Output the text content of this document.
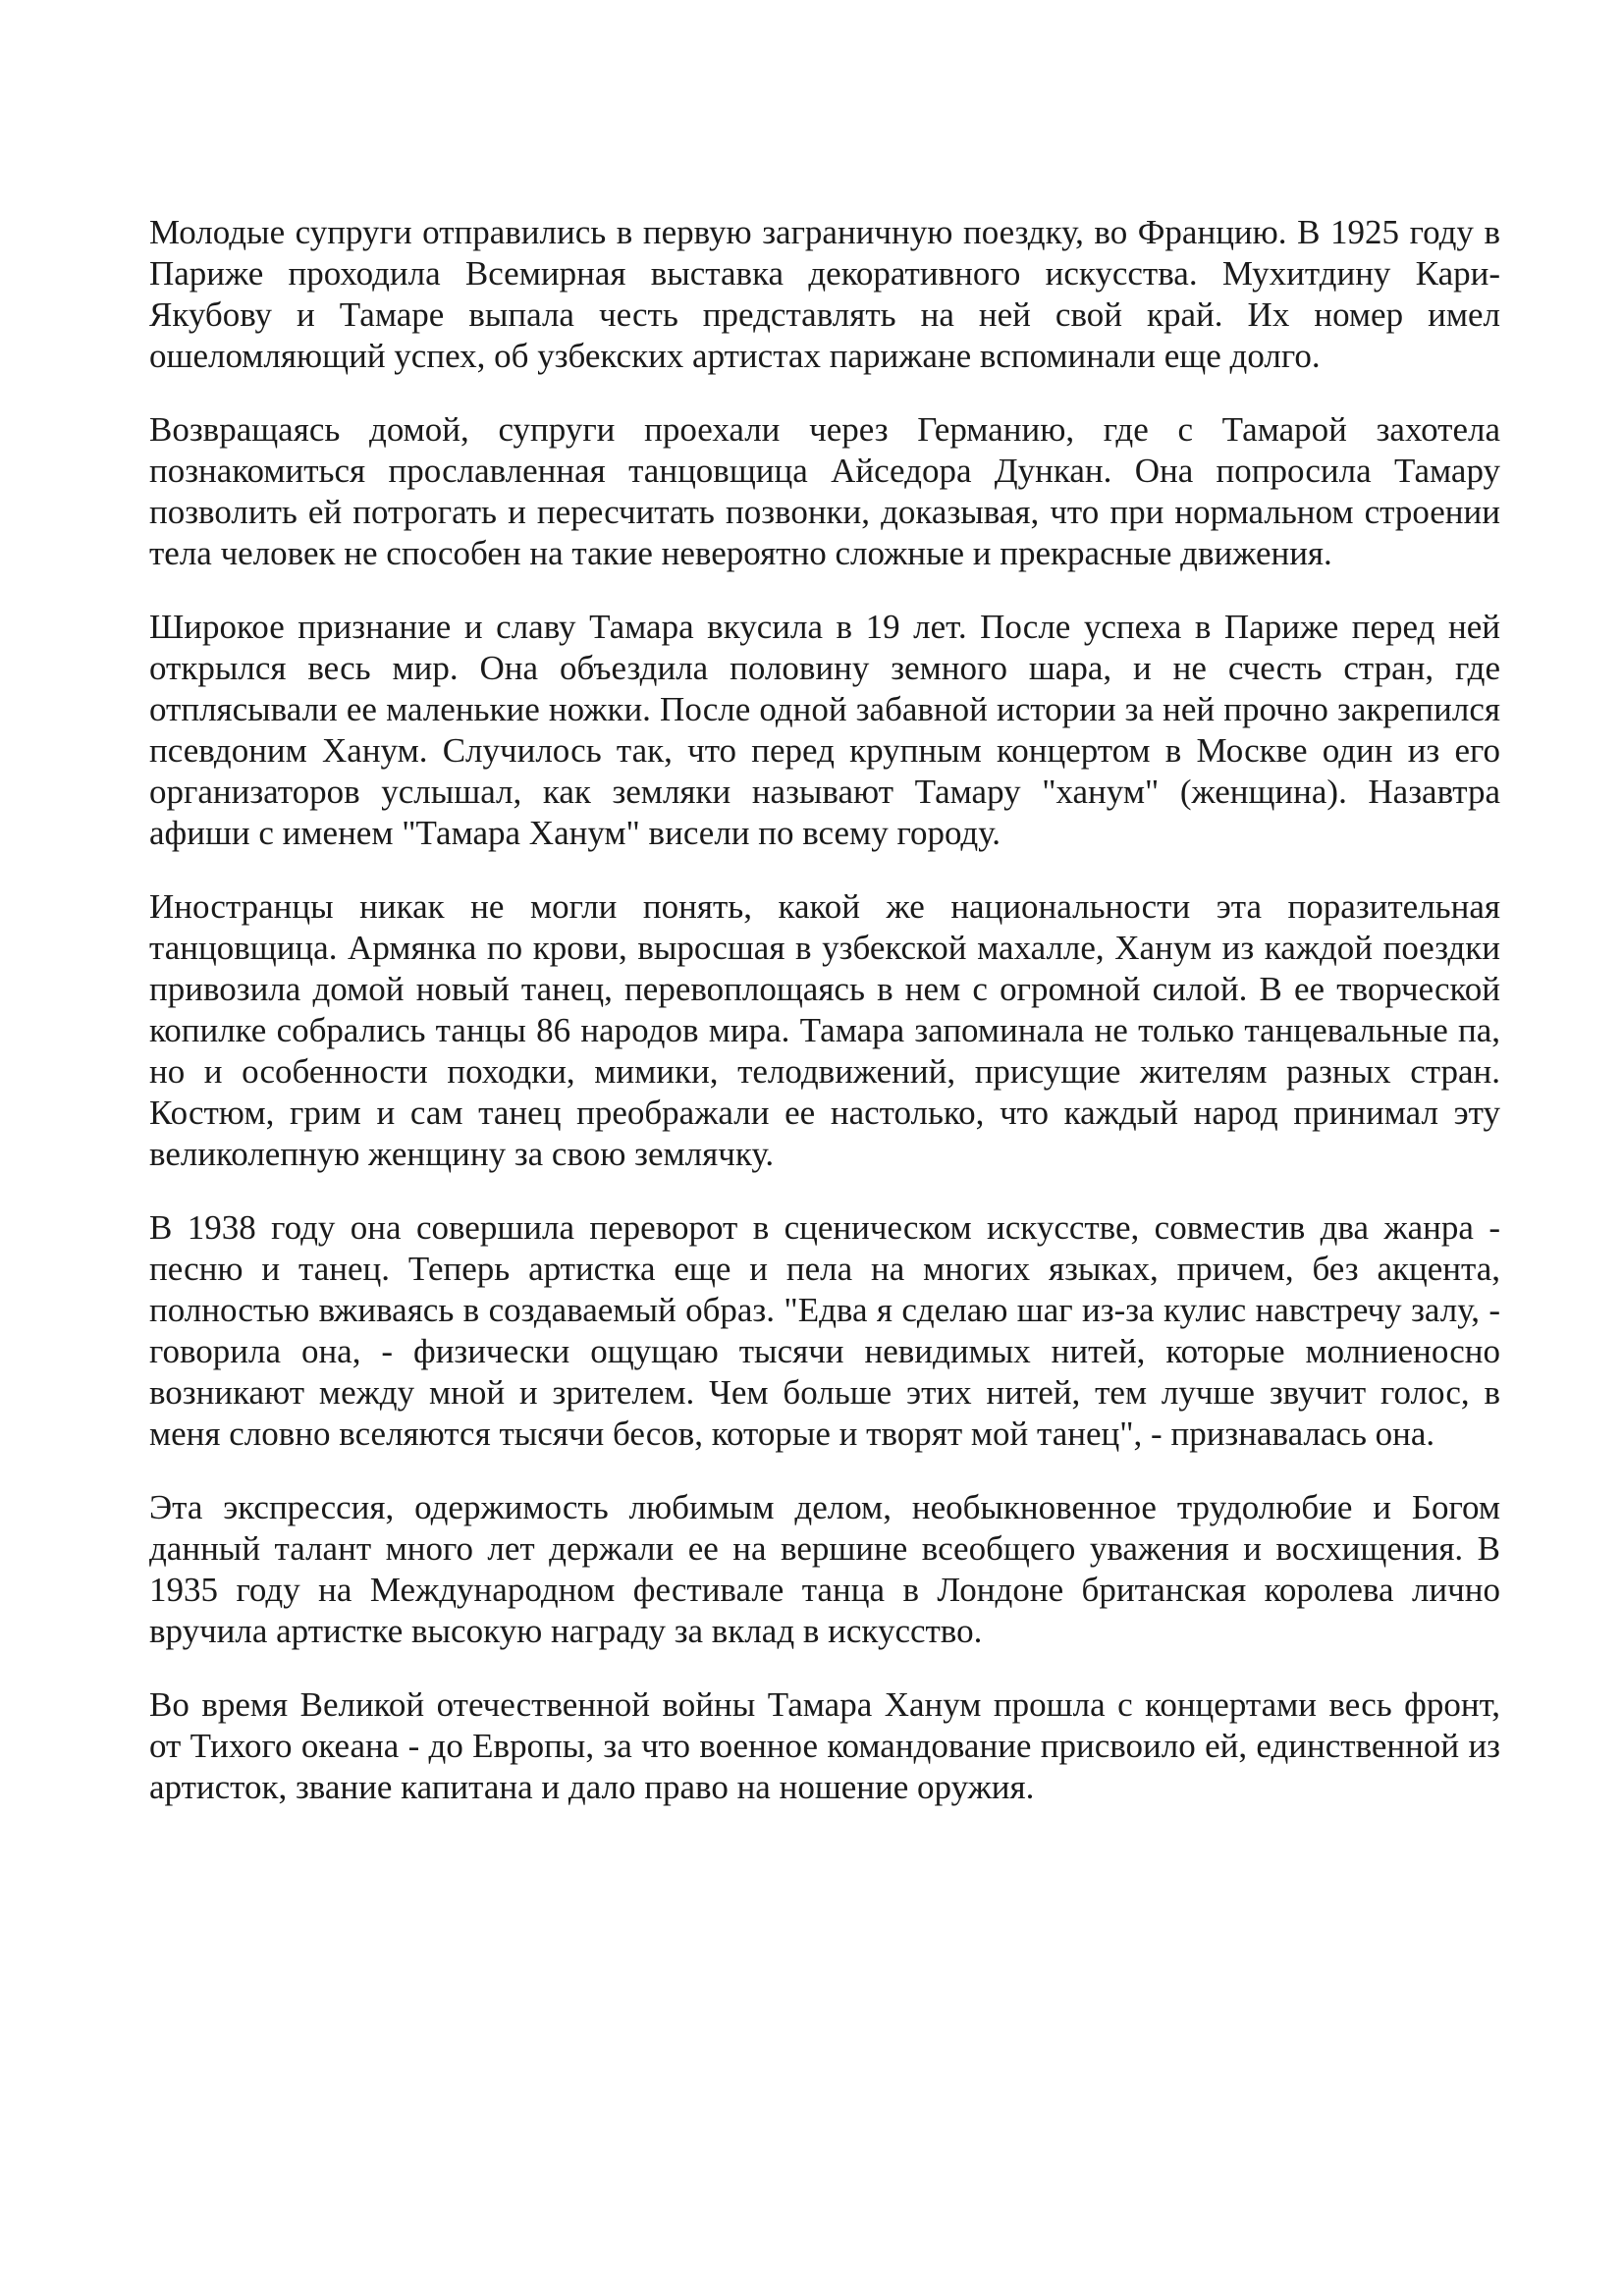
Молодые супруги отправились в первую заграничную поездку, во Францию. В 1925 году в Париже проходила Всемирная выставка декоративного искусства. Мухитдину Кари-Якубову и Тамаре выпала честь представлять на ней свой край. Их номер имел ошеломляющий успех, об узбекских артистах парижане вспоминали еще долго.

Возвращаясь домой, супруги проехали через Германию, где с Тамарой захотела познакомиться прославленная танцовщица Айседора Дункан. Она попросила Тамару позволить ей потрогать и пересчитать позвонки, доказывая, что при нормальном строении тела человек не способен на такие невероятно сложные и прекрасные движения.

Широкое признание и славу Тамара вкусила в 19 лет. После успеха в Париже перед ней открылся весь мир. Она объездила половину земного шара, и не счесть стран, где отплясывали ее маленькие ножки. После одной забавной истории за ней прочно закрепился псевдоним Ханум. Случилось так, что перед крупным концертом в Москве один из его организаторов услышал, как земляки называют Тамару "ханум" (женщина). Назавтра афиши с именем "Тамара Ханум" висели по всему городу.

Иностранцы никак не могли понять, какой же национальности эта поразительная танцовщица. Армянка по крови, выросшая в узбекской махалле, Ханум из каждой поездки привозила домой новый танец, перевоплощаясь в нем с огромной силой. В ее творческой копилке собрались танцы 86 народов мира. Тамара запоминала не только танцевальные па, но и особенности походки, мимики, телодвижений, присущие жителям разных стран. Костюм, грим и сам танец преображали ее настолько, что каждый народ принимал эту великолепную женщину за свою землячку.

В 1938 году она совершила переворот в сценическом искусстве, совместив два жанра - песню и танец. Теперь артистка еще и пела на многих языках, причем, без акцента, полностью вживаясь в создаваемый образ. "Едва я сделаю шаг из-за кулис навстречу залу, - говорила она, - физически ощущаю тысячи невидимых нитей, которые молниеносно возникают между мной и зрителем. Чем больше этих нитей, тем лучше звучит голос, в меня словно вселяются тысячи бесов, которые и творят мой танец", - признавалась она.

Эта экспрессия, одержимость любимым делом, необыкновенное трудолюбие и Богом данный талант много лет держали ее на вершине всеобщего уважения и восхищения. В 1935 году на Международном фестивале танца в Лондоне британская королева лично вручила артистке высокую награду за вклад в искусство.

Во время Великой отечественной войны Тамара Ханум прошла с концертами весь фронт, от Тихого океана - до Европы, за что военное командование присвоило ей, единственной из артисток, звание капитана и дало право на ношение оружия.
